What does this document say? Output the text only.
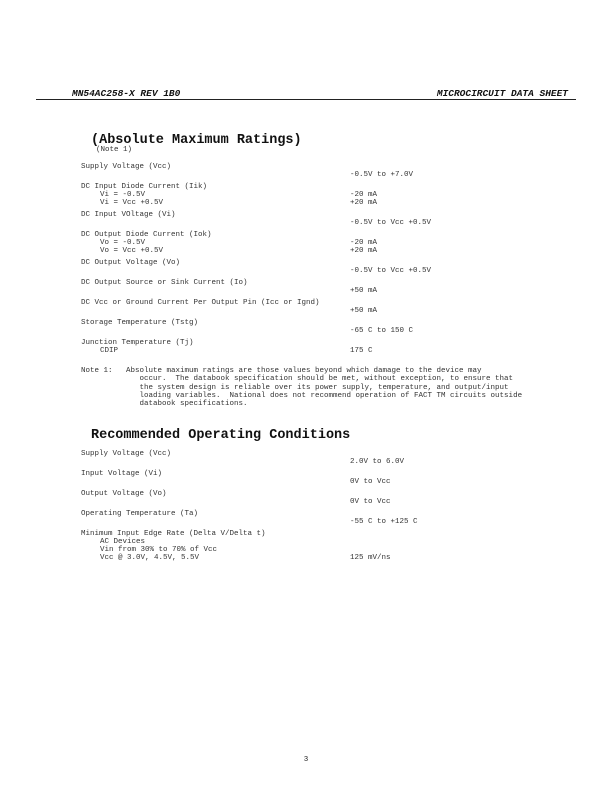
MN54AC258-X REV 1B0	MICROCIRCUIT DATA SHEET
(Absolute Maximum Ratings)
(Note 1)
Supply Voltage (Vcc)
-0.5V to +7.0V
DC Input Diode Current (Iik)
Vi = -0.5V	-20 mA
Vi = Vcc +0.5V	+20 mA
DC Input VOltage (Vi)
-0.5V to Vcc +0.5V
DC Output Diode Current (Iok)
Vo = -0.5V	-20 mA
Vo = Vcc +0.5V	+20 mA
DC Output Voltage (Vo)
-0.5V to Vcc +0.5V
DC Output Source or Sink Current (Io)
+50 mA
DC Vcc or Ground Current Per Output Pin (Icc or Ignd)
+50 mA
Storage Temperature (Tstg)
-65 C to 150 C
Junction Temperature (Tj)
CDIP	175 C
Note 1: Absolute maximum ratings are those values beyond which damage to the device may
occur.  The databook specification should be met, without exception, to ensure that
the system design is reliable over its power supply, temperature, and output/input
loading variables.  National does not recommend operation of FACT TM circuits outside
databook specifications.
Recommended Operating Conditions
Supply Voltage (Vcc)
2.0V to 6.0V
Input Voltage (Vi)
0V to Vcc
Output Voltage (Vo)
0V to Vcc
Operating Temperature (Ta)
-55 C to +125 C
Minimum Input Edge Rate (Delta V/Delta t)
AC Devices
Vin from 30% to 70% of Vcc
Vcc @ 3.0V, 4.5V, 5.5V	125 mV/ns
3
